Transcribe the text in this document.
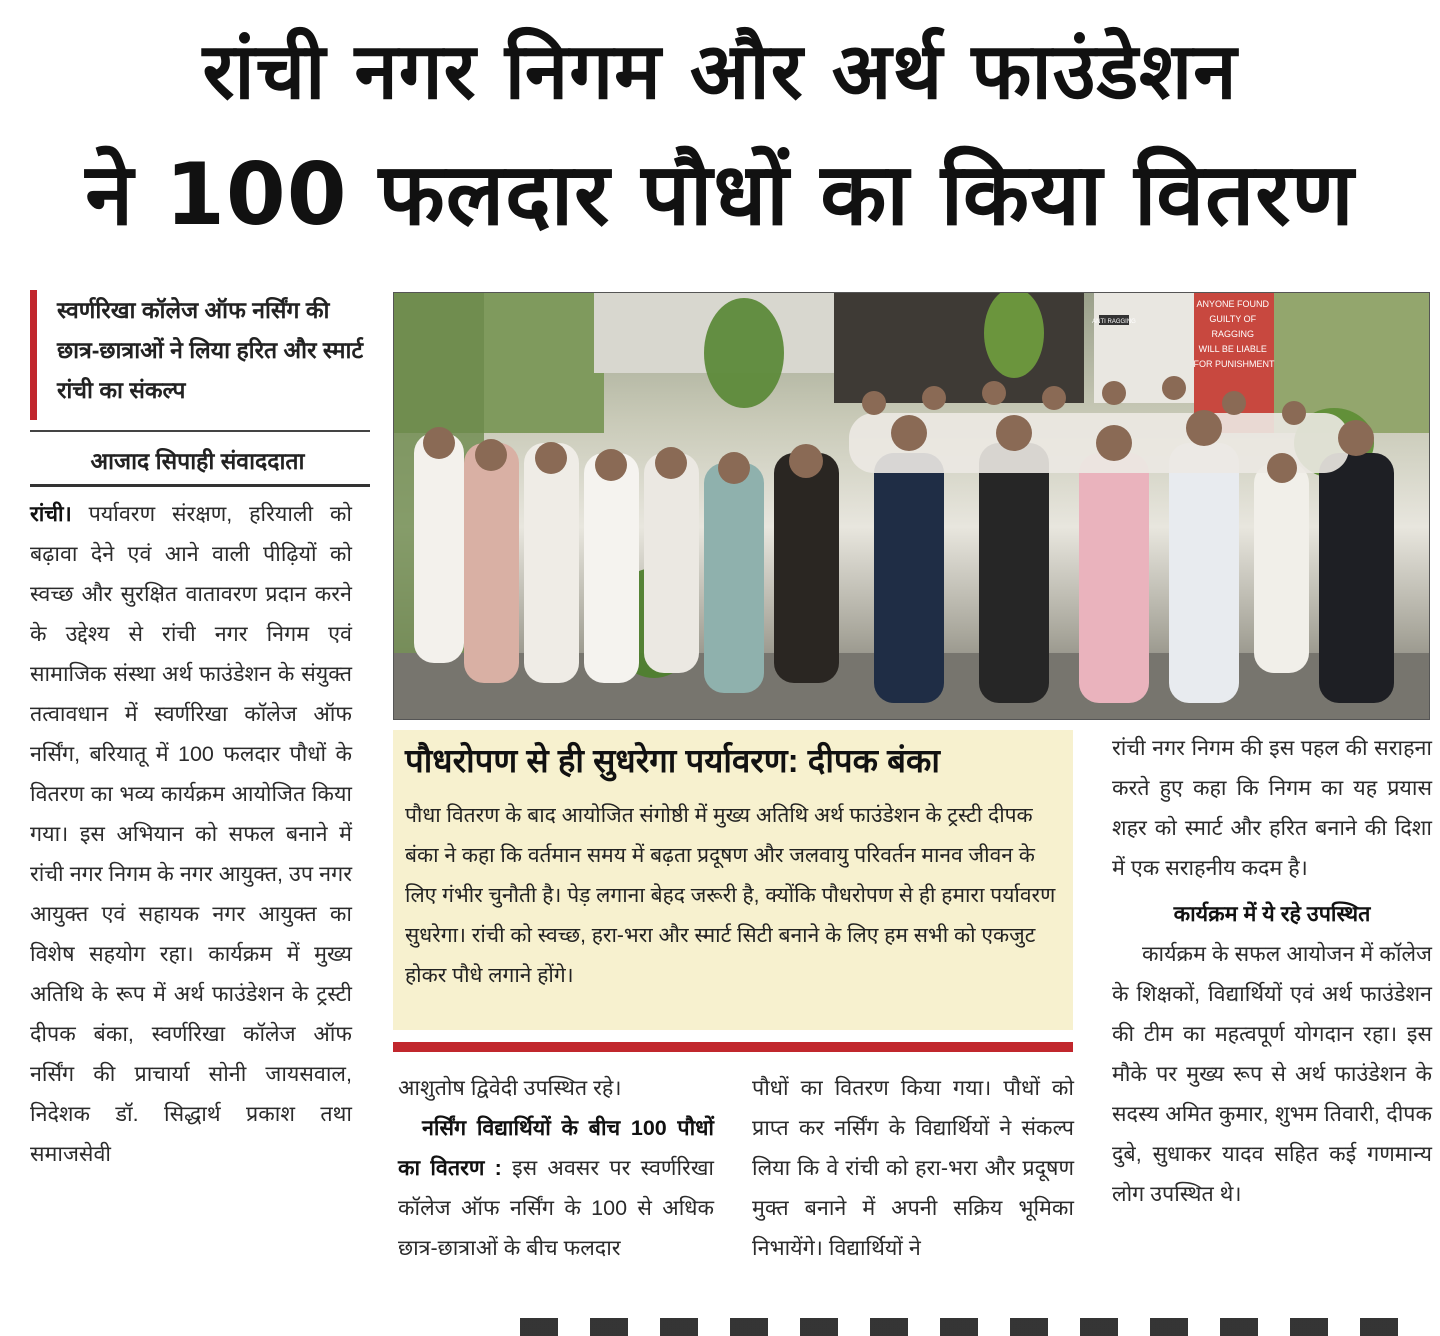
रांची नगर निगम और अर्थ फाउंडेशन
ने 100 फलदार पौधों का किया वितरण
स्वर्णरिखा कॉलेज ऑफ नर्सिंग की छात्र-छात्राओं ने लिया हरित और स्मार्ट रांची का संकल्प
आजाद सिपाही संवाददाता

रांची। पर्यावरण संरक्षण, हरियाली को बढ़ावा देने एवं आने वाली पीढ़ियों को स्वच्छ और सुरक्षित वातावरण प्रदान करने के उद्देश्य से रांची नगर निगम एवं सामाजिक संस्था अर्थ फाउंडेशन के संयुक्त तत्वावधान में स्वर्णरिखा कॉलेज ऑफ नर्सिंग, बरियातू में 100 फलदार पौधों के वितरण का भव्य कार्यक्रम आयोजित किया गया। इस अभियान को सफल बनाने में रांची नगर निगम के नगर आयुक्त, उप नगर आयुक्त एवं सहायक नगर आयुक्त का विशेष सहयोग रहा। कार्यक्रम में मुख्य अतिथि के रूप में अर्थ फाउंडेशन के ट्रस्टी दीपक बंका, स्वर्णरिखा कॉलेज ऑफ नर्सिंग की प्राचार्या सोनी जायसवाल, निदेशक डॉ. सिद्धार्थ प्रकाश तथा समाजसेवी

ANYONE FOUND GUILTY OF RAGGING WILL BE LIABLE FOR PUNISHMENT
ANTI RAGGING

पौधरोपण से ही सुधरेगा पर्यावरण: दीपक बंका

पौधा वितरण के बाद आयोजित संगोष्ठी में मुख्य अतिथि अर्थ फाउंडेशन के ट्रस्टी दीपक बंका ने कहा कि वर्तमान समय में बढ़ता प्रदूषण और जलवायु परिवर्तन मानव जीवन के लिए गंभीर चुनौती है। पेड़ लगाना बेहद जरूरी है, क्योंकि पौधरोपण से ही हमारा पर्यावरण सुधरेगा। रांची को स्वच्छ, हरा-भरा और स्मार्ट सिटी बनाने के लिए हम सभी को एकजुट होकर पौधे लगाने होंगे।

आशुतोष द्विवेदी उपस्थित रहे।

नर्सिंग विद्यार्थियों के बीच 100 पौधों का वितरण : इस अवसर पर स्वर्णरिखा कॉलेज ऑफ नर्सिंग के 100 से अधिक छात्र-छात्राओं के बीच फलदार

पौधों का वितरण किया गया। पौधों को प्राप्त कर नर्सिंग के विद्यार्थियों ने संकल्प लिया कि वे रांची को हरा-भरा और प्रदूषण मुक्त बनाने में अपनी सक्रिय भूमिका निभायेंगे। विद्यार्थियों ने

रांची नगर निगम की इस पहल की सराहना करते हुए कहा कि निगम का यह प्रयास शहर को स्मार्ट और हरित बनाने की दिशा में एक सराहनीय कदम है।

कार्यक्रम में ये रहे उपस्थित

कार्यक्रम के सफल आयोजन में कॉलेज के शिक्षकों, विद्यार्थियों एवं अर्थ फाउंडेशन की टीम का महत्वपूर्ण योगदान रहा। इस मौके पर मुख्य रूप से अर्थ फाउंडेशन के सदस्य अमित कुमार, शुभम तिवारी, दीपक दुबे, सुधाकर यादव सहित कई गणमान्य लोग उपस्थित थे।
